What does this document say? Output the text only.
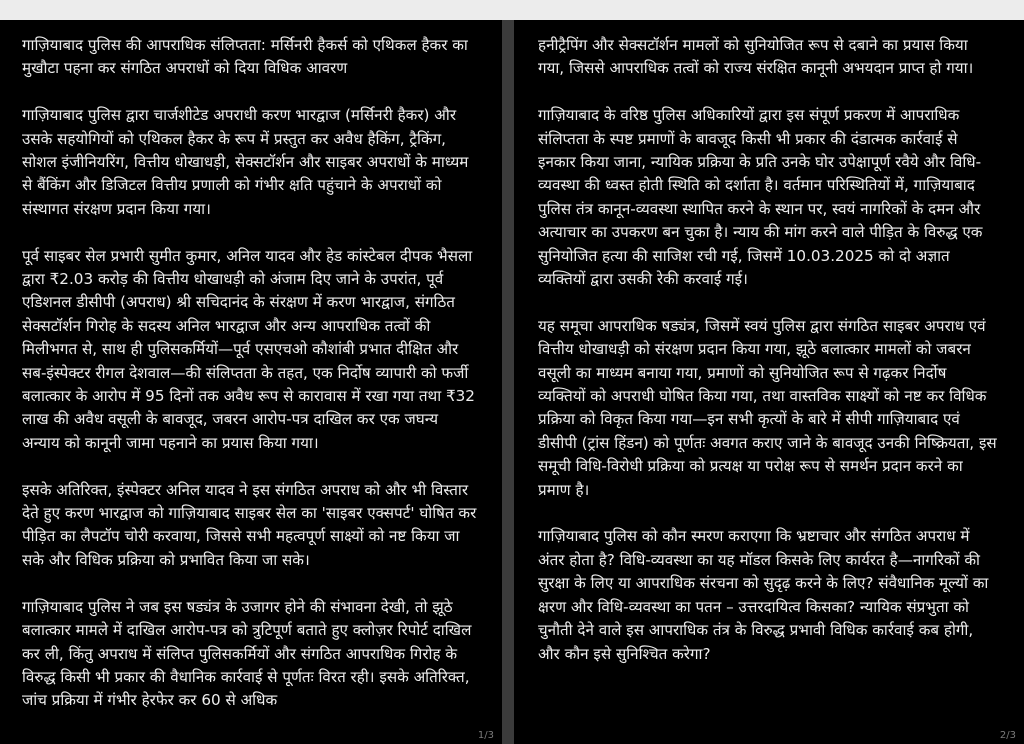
गाज़ियाबाद पुलिस की आपराधिक संलिप्तता: मर्सिनरी हैकर्स को एथिकल हैकर का मुखौटा पहना कर संगठित अपराधों को दिया विधिक आवरण

गाज़ियाबाद पुलिस द्वारा चार्जशीटेड अपराधी करण भारद्वाज (मर्सिनरी हैकर) और उसके सहयोगियों को एथिकल हैकर के रूप में प्रस्तुत कर अवैध हैकिंग, ट्रैकिंग, सोशल इंजीनियरिंग, वित्तीय धोखाधड़ी, सेक्सटॉर्शन और साइबर अपराधों के माध्यम से बैंकिंग और डिजिटल वित्तीय प्रणाली को गंभीर क्षति पहुंचाने के अपराधों को संस्थागत संरक्षण प्रदान किया गया।

पूर्व साइबर सेल प्रभारी सुमीत कुमार, अनिल यादव और हेड कांस्टेबल दीपक भैसला द्वारा ₹2.03 करोड़ की वित्तीय धोखाधड़ी को अंजाम दिए जाने के उपरांत, पूर्व एडिशनल डीसीपी (अपराध) श्री सचिदानंद के संरक्षण में करण भारद्वाज, संगठित सेक्सटॉर्शन गिरोह के सदस्य अनिल भारद्वाज और अन्य आपराधिक तत्वों की मिलीभगत से, साथ ही पुलिसकर्मियों—पूर्व एसएचओ कौशांबी प्रभात दीक्षित और सब-इंस्पेक्टर रीगल देशवाल—की संलिप्तता के तहत, एक निर्दोष व्यापारी को फर्जी बलात्कार के आरोप में 95 दिनों तक अवैध रूप से कारावास में रखा गया तथा ₹32 लाख की अवैध वसूली के बावजूद, जबरन आरोप-पत्र दाखिल कर एक जघन्य अन्याय को कानूनी जामा पहनाने का प्रयास किया गया।

इसके अतिरिक्त, इंस्पेक्टर अनिल यादव ने इस संगठित अपराध को और भी विस्तार देते हुए करण भारद्वाज को गाज़ियाबाद साइबर सेल का 'साइबर एक्सपर्ट' घोषित कर पीड़ित का लैपटॉप चोरी करवाया, जिससे सभी महत्वपूर्ण साक्ष्यों को नष्ट किया जा सके और विधिक प्रक्रिया को प्रभावित किया जा सके।

गाज़ियाबाद पुलिस ने जब इस षड्यंत्र के उजागर होने की संभावना देखी, तो झूठे बलात्कार मामले में दाखिल आरोप-पत्र को त्रुटिपूर्ण बताते हुए क्लोज़र रिपोर्ट दाखिल कर ली, किंतु अपराध में संलिप्त पुलिसकर्मियों और संगठित आपराधिक गिरोह के विरुद्ध किसी भी प्रकार की वैधानिक कार्रवाई से पूर्णतः विरत रही। इसके अतिरिक्त, जांच प्रक्रिया में गंभीर हेरफेर कर 60 से अधिक

1/3

हनीट्रैपिंग और सेक्सटॉर्शन मामलों को सुनियोजित रूप से दबाने का प्रयास किया गया, जिससे आपराधिक तत्वों को राज्य संरक्षित कानूनी अभयदान प्राप्त हो गया।

गाज़ियाबाद के वरिष्ठ पुलिस अधिकारियों द्वारा इस संपूर्ण प्रकरण में आपराधिक संलिप्तता के स्पष्ट प्रमाणों के बावजूद किसी भी प्रकार की दंडात्मक कार्रवाई से इनकार किया जाना, न्यायिक प्रक्रिया के प्रति उनके घोर उपेक्षापूर्ण रवैये और विधि-व्यवस्था की ध्वस्त होती स्थिति को दर्शाता है। वर्तमान परिस्थितियों में, गाज़ियाबाद पुलिस तंत्र कानून-व्यवस्था स्थापित करने के स्थान पर, स्वयं नागरिकों के दमन और अत्याचार का उपकरण बन चुका है। न्याय की मांग करने वाले पीड़ित के विरुद्ध एक सुनियोजित हत्या की साजिश रची गई, जिसमें 10.03.2025 को दो अज्ञात व्यक्तियों द्वारा उसकी रेकी करवाई गई।

यह समूचा आपराधिक षड्यंत्र, जिसमें स्वयं पुलिस द्वारा संगठित साइबर अपराध एवं वित्तीय धोखाधड़ी को संरक्षण प्रदान किया गया, झूठे बलात्कार मामलों को जबरन वसूली का माध्यम बनाया गया, प्रमाणों को सुनियोजित रूप से गढ़कर निर्दोष व्यक्तियों को अपराधी घोषित किया गया, तथा वास्तविक साक्ष्यों को नष्ट कर विधिक प्रक्रिया को विकृत किया गया—इन सभी कृत्यों के बारे में सीपी गाज़ियाबाद एवं डीसीपी (ट्रांस हिंडन) को पूर्णतः अवगत कराए जाने के बावजूद उनकी निष्क्रियता, इस समूची विधि-विरोधी प्रक्रिया को प्रत्यक्ष या परोक्ष रूप से समर्थन प्रदान करने का प्रमाण है।

गाज़ियाबाद पुलिस को कौन स्मरण कराएगा कि भ्रष्टाचार और संगठित अपराध में अंतर होता है? विधि-व्यवस्था का यह मॉडल किसके लिए कार्यरत है—नागरिकों की सुरक्षा के लिए या आपराधिक संरचना को सुदृढ़ करने के लिए? संवैधानिक मूल्यों का क्षरण और विधि-व्यवस्था का पतन – उत्तरदायित्व किसका? न्यायिक संप्रभुता को चुनौती देने वाले इस आपराधिक तंत्र के विरुद्ध प्रभावी विधिक कार्रवाई कब होगी, और कौन इसे सुनिश्चित करेगा?

2/3
